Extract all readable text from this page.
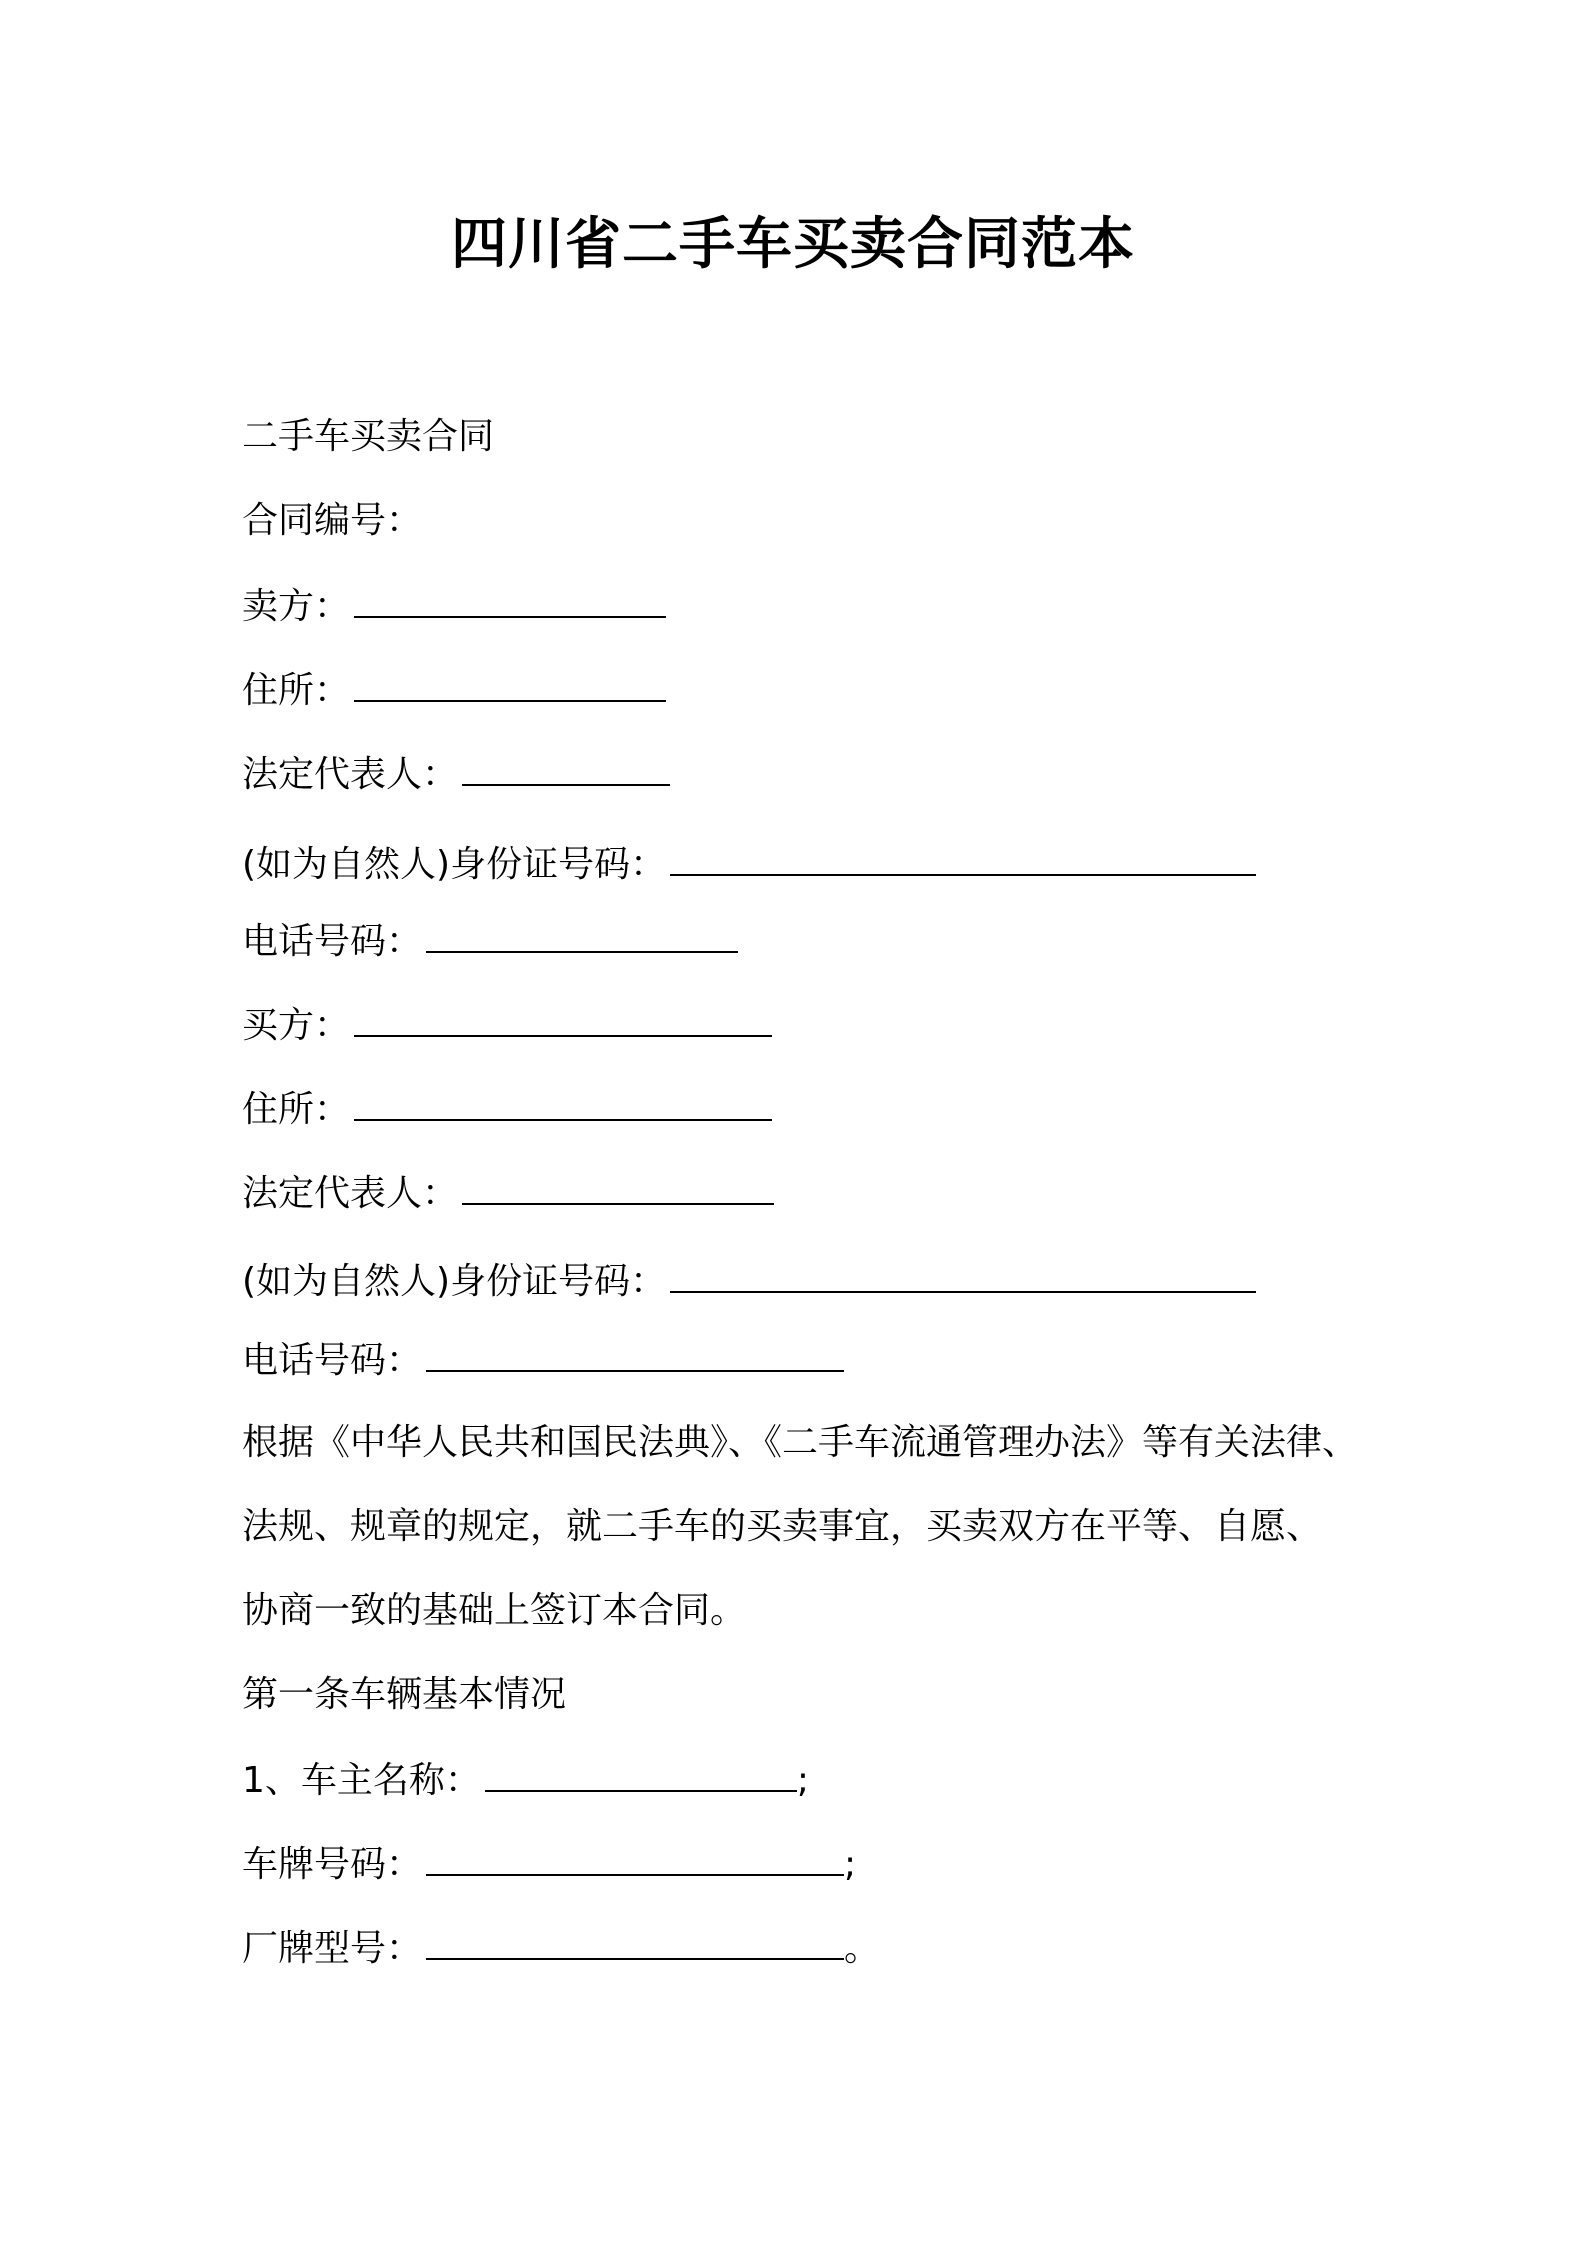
四川省二手车买卖合同范本
二手车买卖合同
合同编号：
卖方：
住所：
法定代表人：
(如为自然人)身份证号码：
电话号码：
买方：
住所：
法定代表人：
(如为自然人)身份证号码：
电话号码：
根据《中华人民共和国民法典》、《二手车流通管理办法》等有关法律、
法规、规章的规定，就二手车的买卖事宜，买卖双方在平等、自愿、
协商一致的基础上签订本合同。
第一条车辆基本情况
1、车主名称：	;
车牌号码：	;
厂牌型号：	。
